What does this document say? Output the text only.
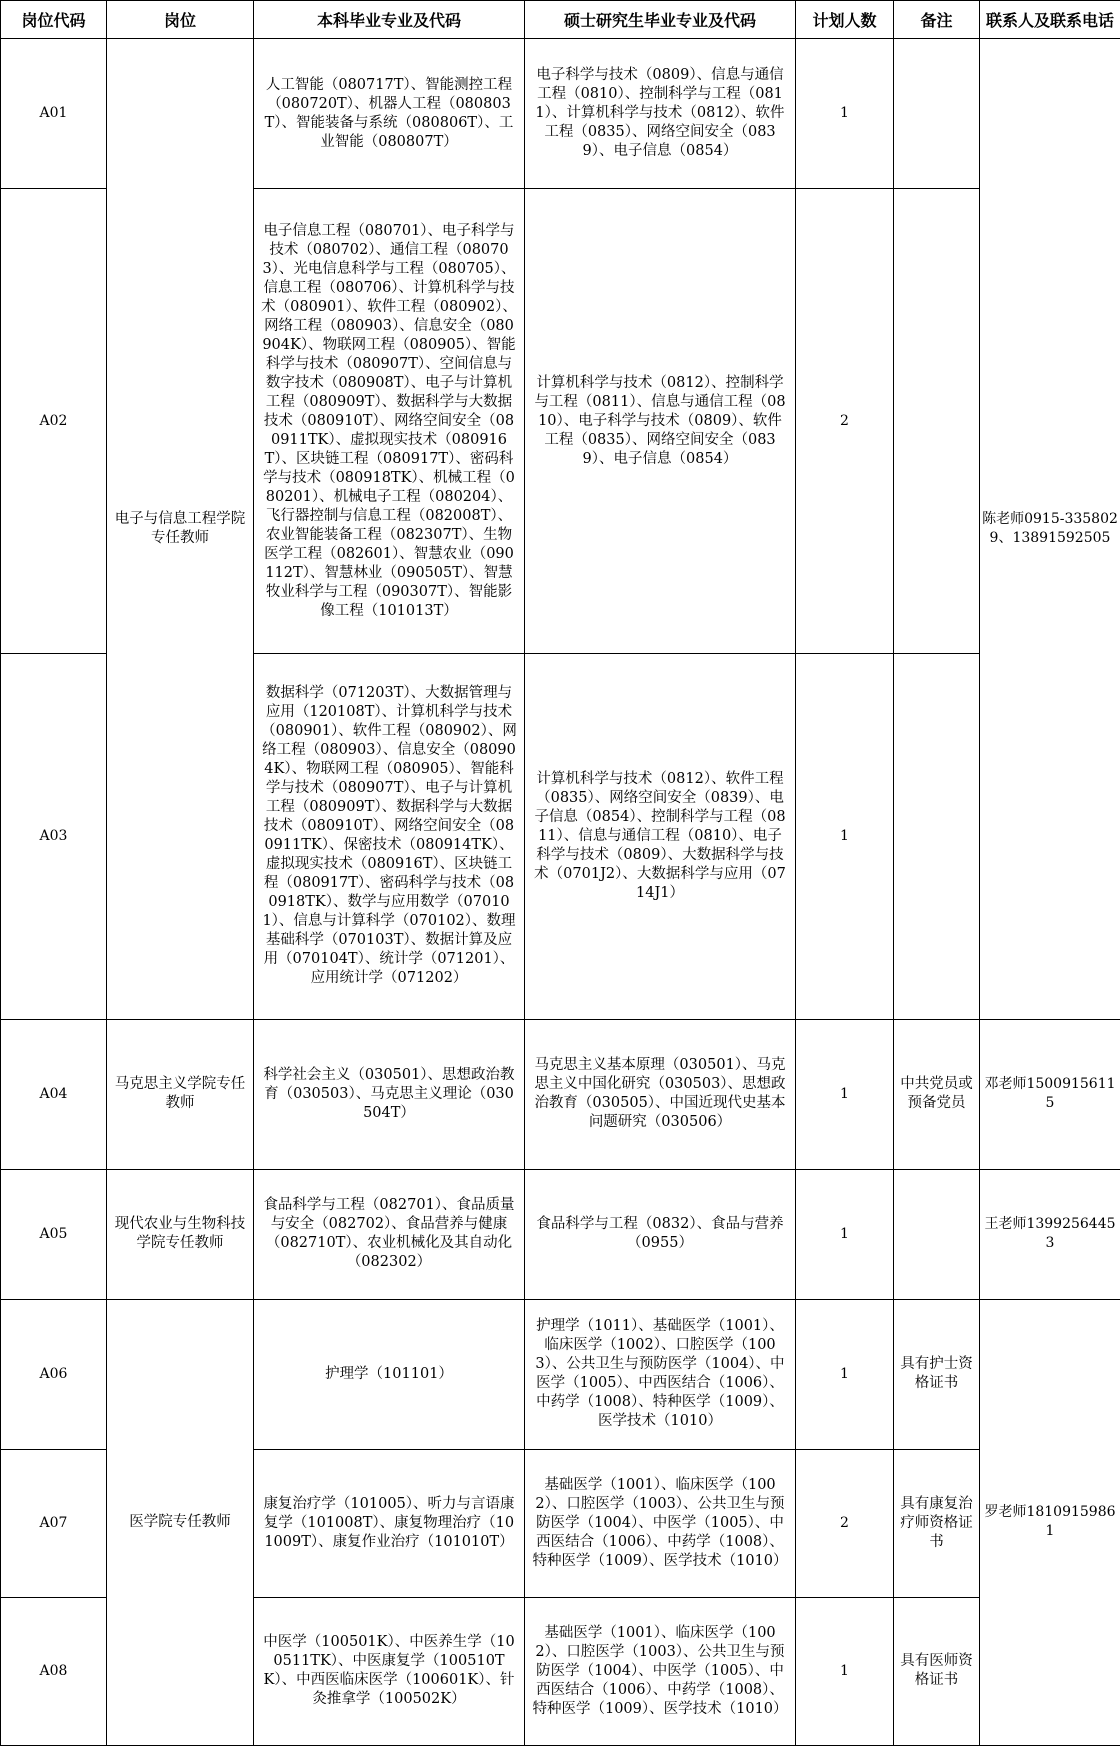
岗位代码	岗位	本科毕业专业及代码	硕士研究生毕业专业及代码	计划人数	备注	联系人及联系电话
A01	电子与信息工程学院专任教师	人工智能（080717T）、智能测控工程（080720T）、机器人工程（080803T）、智能装备与系统（080806T）、工业智能（080807T）	电子科学与技术（0809）、信息与通信工程（0810）、控制科学与工程（0811）、计算机科学与技术（0812）、软件工程（0835）、网络空间安全（0839）、电子信息（0854）	1		陈老师0915-3358029、13891592505
A02		电子信息工程（080701）、电子科学与技术（080702）、通信工程（080703）、光电信息科学与工程（080705）、信息工程（080706）、计算机科学与技术（080901）、软件工程（080902）、网络工程（080903）、信息安全（080904K）、物联网工程（080905）、智能科学与技术（080907T）、空间信息与数字技术（080908T）、电子与计算机工程（080909T）、数据科学与大数据技术（080910T）、网络空间安全（080911TK）、虚拟现实技术（080916T）、区块链工程（080917T）、密码科学与技术（080918TK）、机械工程（080201）、机械电子工程（080204）、飞行器控制与信息工程（082008T）、农业智能装备工程（082307T）、生物医学工程（082601）、智慧农业（090112T）、智慧林业（090505T）、智慧牧业科学与工程（090307T）、智能影像工程（101013T）	计算机科学与技术（0812）、控制科学与工程（0811）、信息与通信工程（0810）、电子科学与技术（0809）、软件工程（0835）、网络空间安全（0839）、电子信息（0854）	2		
A03		数据科学（071203T）、大数据管理与应用（120108T）、计算机科学与技术（080901）、软件工程（080902）、网络工程（080903）、信息安全（080904K）、物联网工程（080905）、智能科学与技术（080907T）、电子与计算机工程（080909T）、数据科学与大数据技术（080910T）、网络空间安全（080911TK）、保密技术（080914TK）、虚拟现实技术（080916T）、区块链工程（080917T）、密码科学与技术（080918TK）、数学与应用数学（070101）、信息与计算科学（070102）、数理基础科学（070103T）、数据计算及应用（070104T）、统计学（071201）、应用统计学（071202）	计算机科学与技术（0812）、软件工程（0835）、网络空间安全（0839）、电子信息（0854）、控制科学与工程（0811）、信息与通信工程（0810）、电子科学与技术（0809）、大数据科学与技术（0701J2）、大数据科学与应用（0714J1）	1		
A04	马克思主义学院专任教师	科学社会主义（030501）、思想政治教育（030503）、马克思主义理论（030504T）	马克思主义基本原理（030501）、马克思主义中国化研究（030503）、思想政治教育（030505）、中国近现代史基本问题研究（030506）	1	中共党员或预备党员	邓老师15009156115
A05	现代农业与生物科技学院专任教师	食品科学与工程（082701）、食品质量与安全（082702）、食品营养与健康（082710T）、农业机械化及其自动化（082302）	食品科学与工程（0832）、食品与营养（0955）	1		王老师13992564453
A06	医学院专任教师	护理学（101101）	护理学（1011）、基础医学（1001）、临床医学（1002）、口腔医学（1003）、公共卫生与预防医学（1004）、中医学（1005）、中西医结合（1006）、中药学（1008）、特种医学（1009）、医学技术（1010）	1	具有护士资格证书	罗老师18109159861
A07		康复治疗学（101005）、听力与言语康复学（101008T）、康复物理治疗（101009T）、康复作业治疗（101010T）	基础医学（1001）、临床医学（1002）、口腔医学（1003）、公共卫生与预防医学（1004）、中医学（1005）、中西医结合（1006）、中药学（1008）、特种医学（1009）、医学技术（1010）	2	具有康复治疗师资格证书	
A08		中医学（100501K）、中医养生学（100511TK）、中医康复学（100510TK）、中西医临床医学（100601K）、针灸推拿学（100502K）	基础医学（1001）、临床医学（1002）、口腔医学（1003）、公共卫生与预防医学（1004）、中医学（1005）、中西医结合（1006）、中药学（1008）、特种医学（1009）、医学技术（1010）	1	具有医师资格证书	
